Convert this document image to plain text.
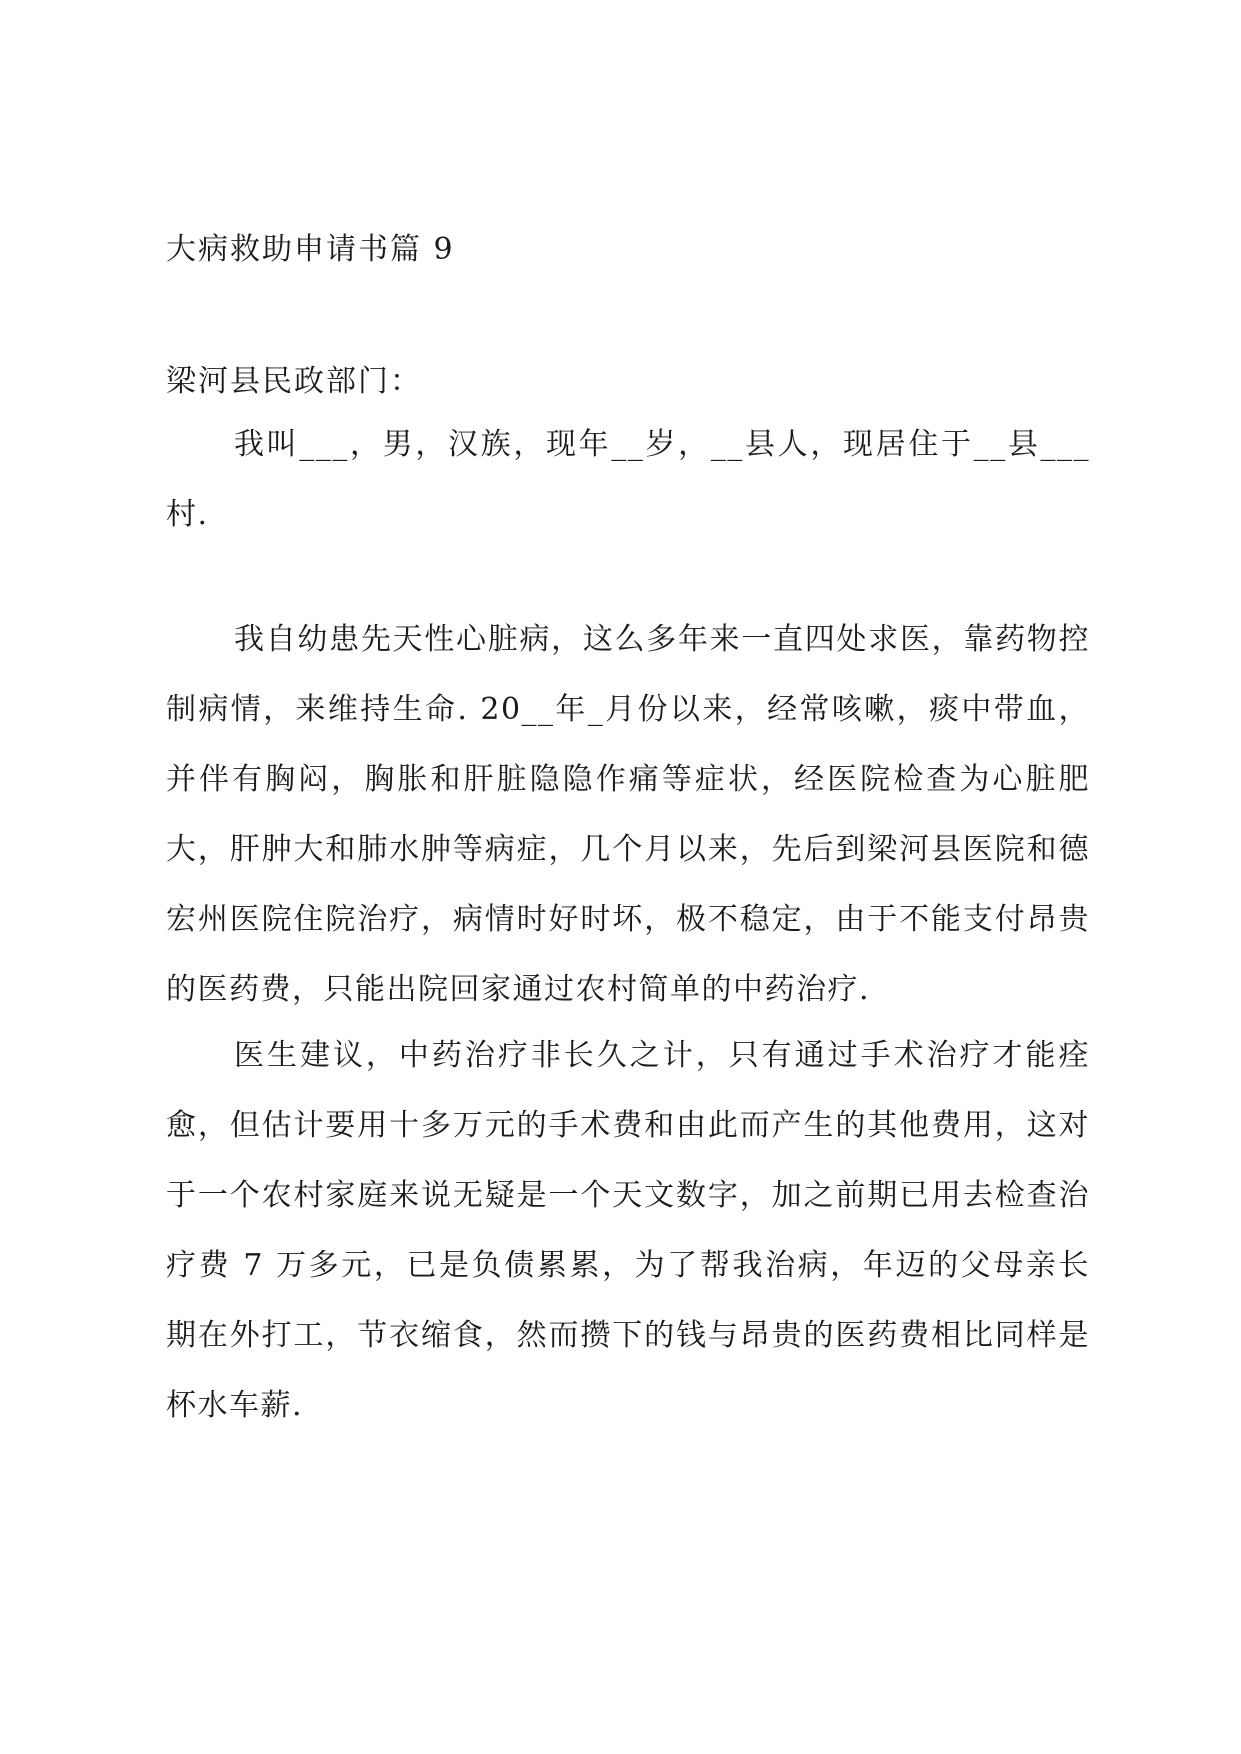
大病救助申请书篇 9

梁河县民政部门：

我叫___，男，汉族，现年__岁，__县人，现居住于__县___村.

我自幼患先天性心脏病，这么多年来一直四处求医，靠药物控制病情，来维持生命. 20__年_月份以来，经常咳嗽，痰中带血，并伴有胸闷，胸胀和肝脏隐隐作痛等症状，经医院检查为心脏肥大，肝肿大和肺水肿等病症，几个月以来，先后到梁河县医院和德宏州医院住院治疗，病情时好时坏，极不稳定，由于不能支付昂贵的医药费，只能出院回家通过农村简单的中药治疗.

医生建议，中药治疗非长久之计，只有通过手术治疗才能痊愈，但估计要用十多万元的手术费和由此而产生的其他费用，这对于一个农村家庭来说无疑是一个天文数字，加之前期已用去检查治疗费 7 万多元，已是负债累累，为了帮我治病，年迈的父母亲长期在外打工，节衣缩食，然而攒下的钱与昂贵的医药费相比同样是杯水车薪.
